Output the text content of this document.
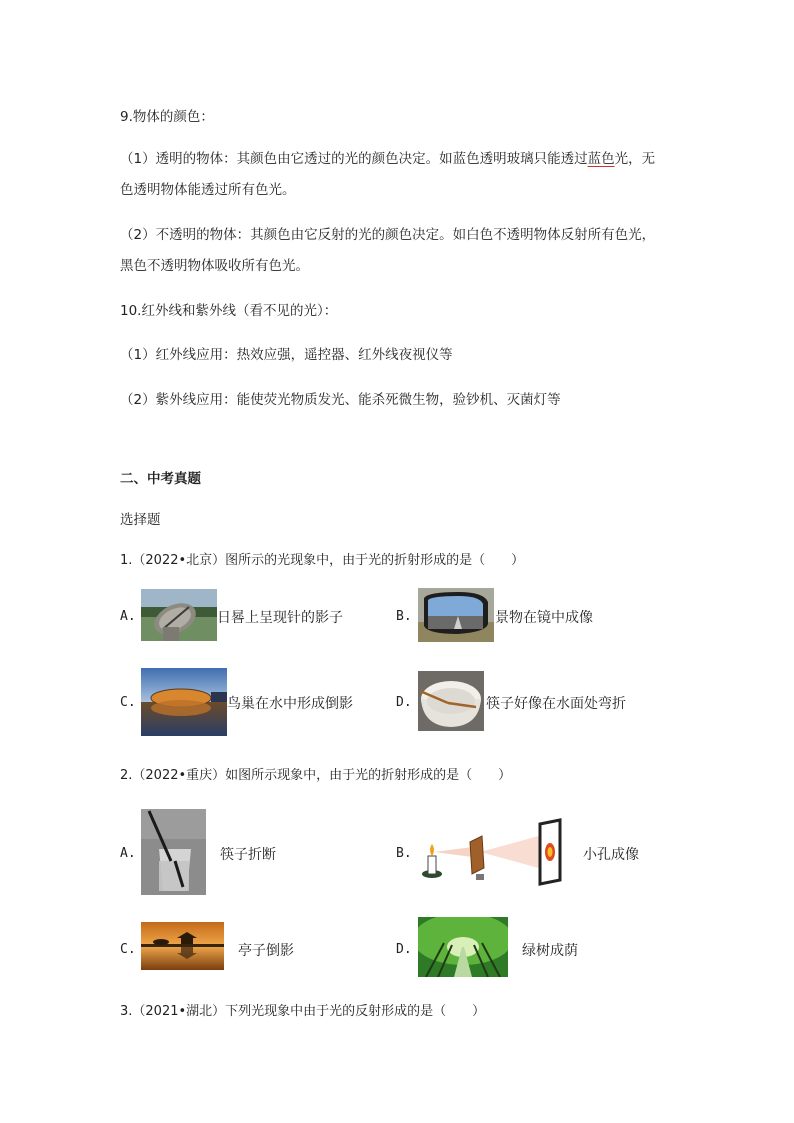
9.物体的颜色：
（1）透明的物体：其颜色由它透过的光的颜色决定。如蓝色透明玻璃只能透过蓝色光，无
色透明物体能透过所有色光。
（2）不透明的物体：其颜色由它反射的光的颜色决定。如白色不透明物体反射所有色光，
黑色不透明物体吸收所有色光。
10.红外线和紫外线（看不见的光）：
（1）红外线应用：热效应强，遥控器、红外线夜视仪等
（2）紫外线应用：能使荧光物质发光、能杀死微生物，验钞机、灭菌灯等
二、中考真题
选择题
1.（2022•北京）图所示的光现象中，由于光的折射形成的是（　　）
A.	日晷上呈现针的影子	B.	景物在镜中成像
C.	鸟巢在水中形成倒影	D.	筷子好像在水面处弯折
2.（2022•重庆）如图所示现象中，由于光的折射形成的是（　　）
A.	筷子折断	B.	小孔成像
C.	亭子倒影	D.	绿树成荫
3.（2021•湖北）下列光现象中由于光的反射形成的是（　　）
